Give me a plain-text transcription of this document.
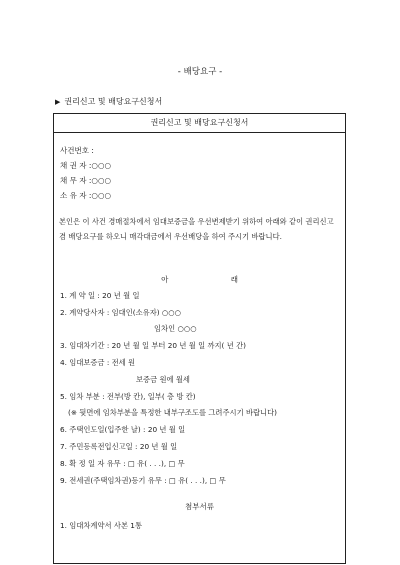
- 배당요구 -
▶ 권리신고 및 배당요구신청서
권리신고 및 배당요구신청서
사건번호 :
채 권 자 :○○○
채 무 자 :○○○
소 유 자 :○○○
본인은 이 사건 경매절차에서 임대보증금을 우선변제받기 위하여 아래와 같이 권리신고 겸 배당요구를 하오니 매각대금에서 우선배당을 하여 주시기 바랍니다.
아 래
1. 계 약 일 : 20 년 월 일
2. 계약당사자 : 임대인(소유자) ○○○
임차인 ○○○
3. 임대차기간 : 20 년 월 일 부터 20 년 월 일 까지( 년 간)
4. 임대보증금 : 전세 원
보증금 원에 월세
5. 임차 부분 : 전부(방 칸), 일부( 층 방 칸)
(※ 뒷면에 임차부분을 특정한 내부구조도를 그려주시기 바랍니다)
6. 주택인도일(입주한 날) : 20 년 월 일
7. 주민등록전입신고일 : 20 년 월 일
8. 확 정 일 자 유무 : □ 유( . . .), □ 무
9. 전세권(주택임차권)등기 유무 : □ 유( . . .), □ 무
첨부서류
1. 임대차계약서 사본 1통
